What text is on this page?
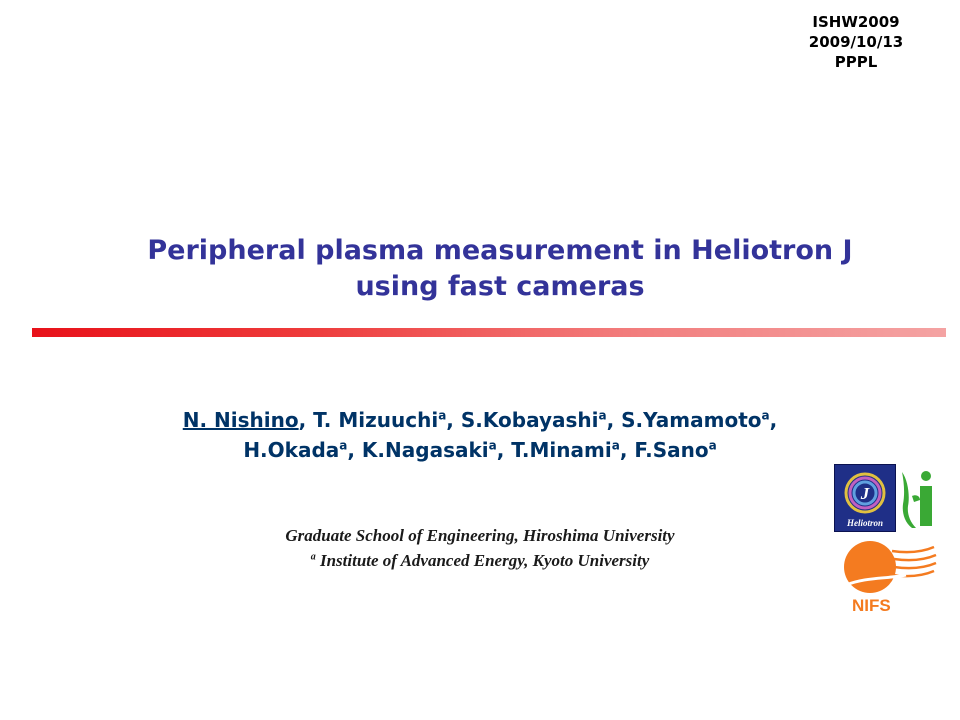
ISHW2009
2009/10/13
PPPL
Peripheral plasma measurement in Heliotron J
using fast cameras
N. Nishino, T. Mizuuchi$^a$, S.Kobayashi$^a$, S.Yamamoto$^a$,
H.Okada$^a$, K.Nagasaki$^a$, T.Minami$^a$, F.Sano$^a$
Graduate School of Engineering, Hiroshima University
$^a$ Institute of Advanced Energy, Kyoto University
J
Heliotron
NIFS
